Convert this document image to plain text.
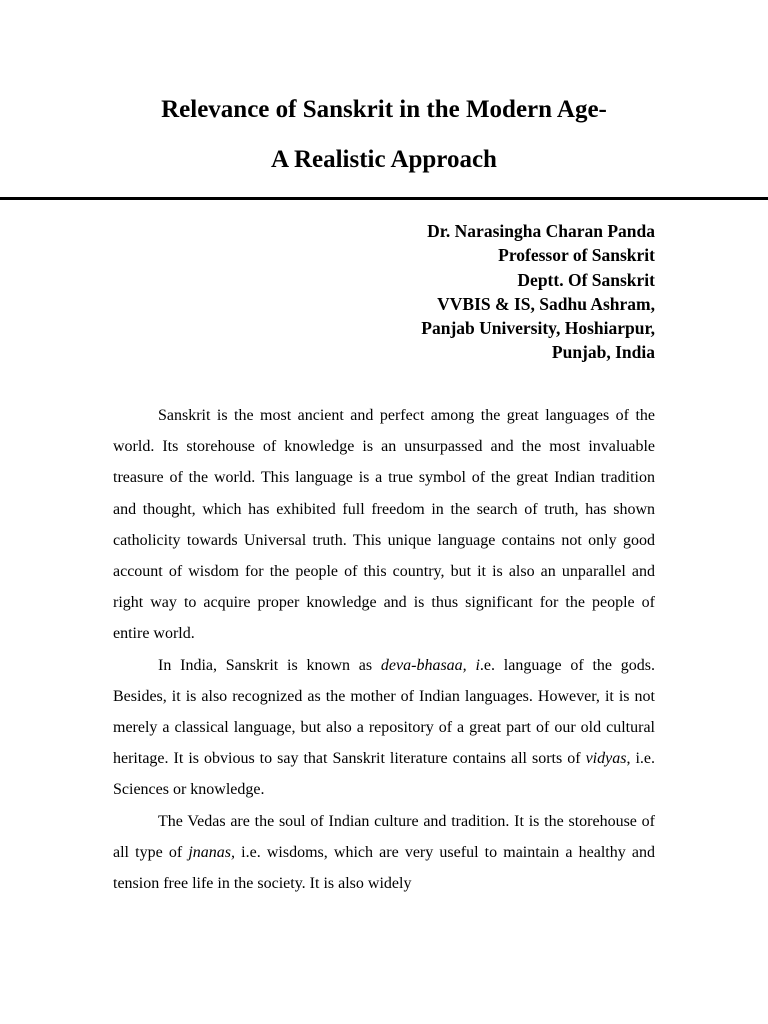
Relevance of Sanskrit in the Modern Age-
A Realistic Approach
Dr. Narasingha Charan Panda
Professor of Sanskrit
Deptt. Of Sanskrit
VVBIS & IS, Sadhu Ashram,
Panjab University, Hoshiarpur,
Punjab, India

Sanskrit is the most ancient and perfect among the great languages of the world. Its storehouse of knowledge is an unsurpassed and the most invaluable treasure of the world. This language is a true symbol of the great Indian tradition and thought, which has exhibited full freedom in the search of truth, has shown catholicity towards Universal truth. This unique language contains not only good account of wisdom for the people of this country, but it is also an unparallel and right way to acquire proper knowledge and is thus significant for the people of entire world.

In India, Sanskrit is known as deva-bhasaa, i.e. language of the gods. Besides, it is also recognized as the mother of Indian languages. However, it is not merely a classical language, but also a repository of a great part of our old cultural heritage. It is obvious to say that Sanskrit literature contains all sorts of vidyas, i.e. Sciences or knowledge.

The Vedas are the soul of Indian culture and tradition. It is the storehouse of all type of jnanas, i.e. wisdoms, which are very useful to maintain a healthy and tension free life in the society. It is also widely
